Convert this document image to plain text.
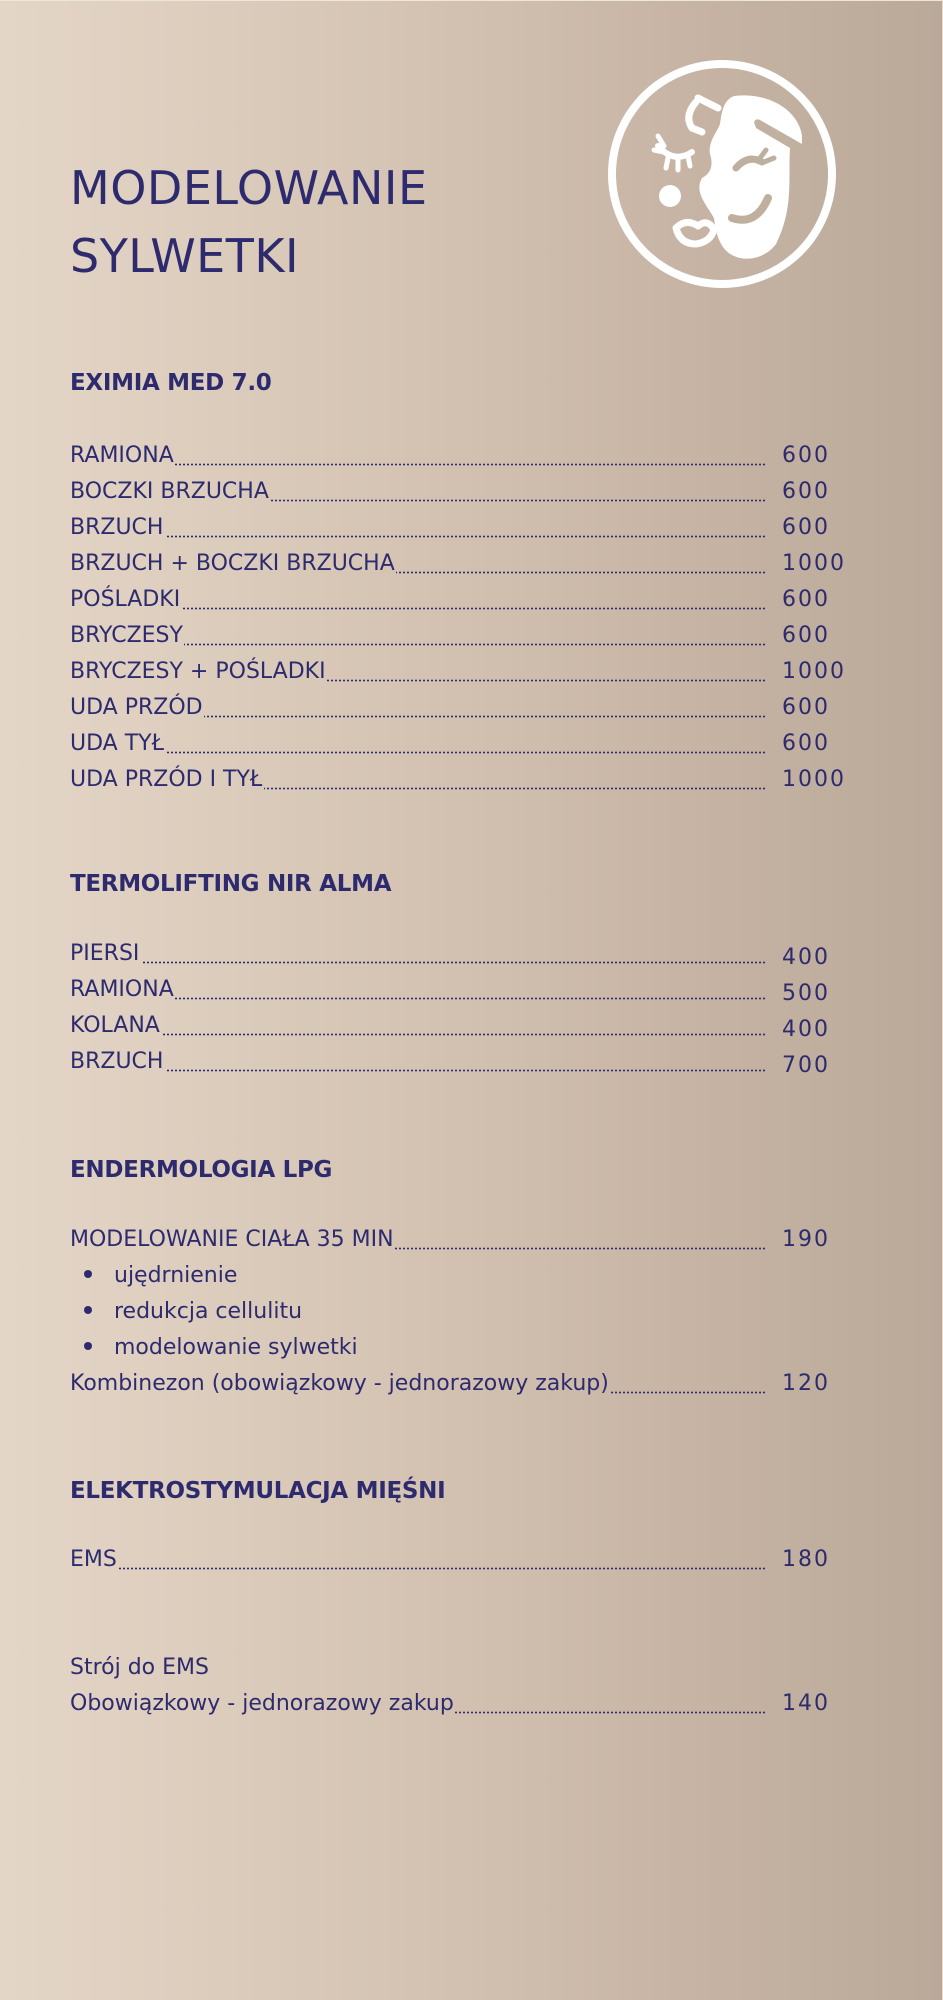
MODELOWANIE
SYLWETKI
EXIMIA MED 7.0
RAMIONA	600
BOCZKI BRZUCHA	600
BRZUCH	600
BRZUCH + BOCZKI BRZUCHA	1000
POŚLADKI	600
BRYCZESY	600
BRYCZESY + POŚLADKI	1000
UDA PRZÓD	600
UDA TYŁ	600
UDA PRZÓD I TYŁ	1000
TERMOLIFTING NIR ALMA
PIERSI	400
RAMIONA	500
KOLANA	400
BRZUCH	700
ENDERMOLOGIA LPG
MODELOWANIE CIAŁA 35 MIN	190
ujędrnienie
redukcja cellulitu
modelowanie sylwetki
Kombinezon (obowiązkowy - jednorazowy zakup)	120
ELEKTROSTYMULACJA MIĘŚNI
EMS	180
Strój do EMS
Obowiązkowy - jednorazowy zakup	140
